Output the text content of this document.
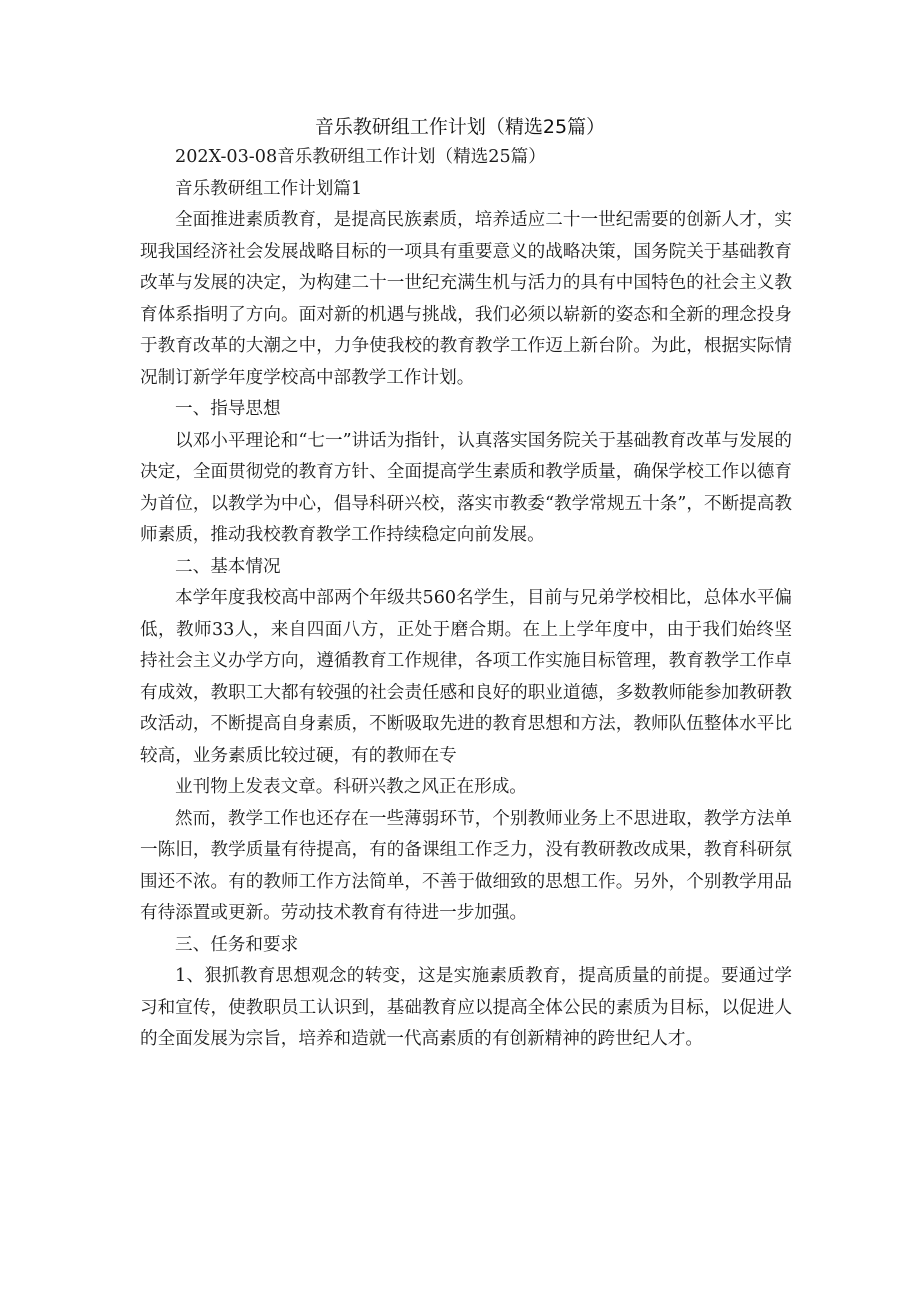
音乐教研组工作计划（精选25篇）

202X-03-08音乐教研组工作计划（精选25篇）

音乐教研组工作计划篇1

全面推进素质教育，是提高民族素质，培养适应二十一世纪需要的创新人才，实现我国经济社会发展战略目标的一项具有重要意义的战略决策，国务院关于基础教育改革与发展的决定，为构建二十一世纪充满生机与活力的具有中国特色的社会主义教育体系指明了方向。面对新的机遇与挑战，我们必须以崭新的姿态和全新的理念投身于教育改革的大潮之中，力争使我校的教育教学工作迈上新台阶。为此，根据实际情况制订新学年度学校高中部教学工作计划。

一、指导思想

以邓小平理论和“七一”讲话为指针，认真落实国务院关于基础教育改革与发展的决定，全面贯彻党的教育方针、全面提高学生素质和教学质量，确保学校工作以德育为首位，以教学为中心，倡导科研兴校，落实市教委“教学常规五十条”，不断提高教师素质，推动我校教育教学工作持续稳定向前发展。

二、基本情况

本学年度我校高中部两个年级共560名学生，目前与兄弟学校相比，总体水平偏低，教师33人，来自四面八方，正处于磨合期。在上上学年度中，由于我们始终坚持社会主义办学方向，遵循教育工作规律，各项工作实施目标管理，教育教学工作卓有成效，教职工大都有较强的社会责任感和良好的职业道德，多数教师能参加教研教改活动，不断提高自身素质，不断吸取先进的教育思想和方法，教师队伍整体水平比较高，业务素质比较过硬，有的教师在专

业刊物上发表文章。科研兴教之风正在形成。

然而，教学工作也还存在一些薄弱环节，个别教师业务上不思进取，教学方法单一陈旧，教学质量有待提高，有的备课组工作乏力，没有教研教改成果，教育科研氛围还不浓。有的教师工作方法简单，不善于做细致的思想工作。另外，个别教学用品有待添置或更新。劳动技术教育有待进一步加强。

三、任务和要求

1、狠抓教育思想观念的转变，这是实施素质教育，提高质量的前提。要通过学习和宣传，使教职员工认识到，基础教育应以提高全体公民的素质为目标，以促进人的全面发展为宗旨，培养和造就一代高素质的有创新精神的跨世纪人才。
